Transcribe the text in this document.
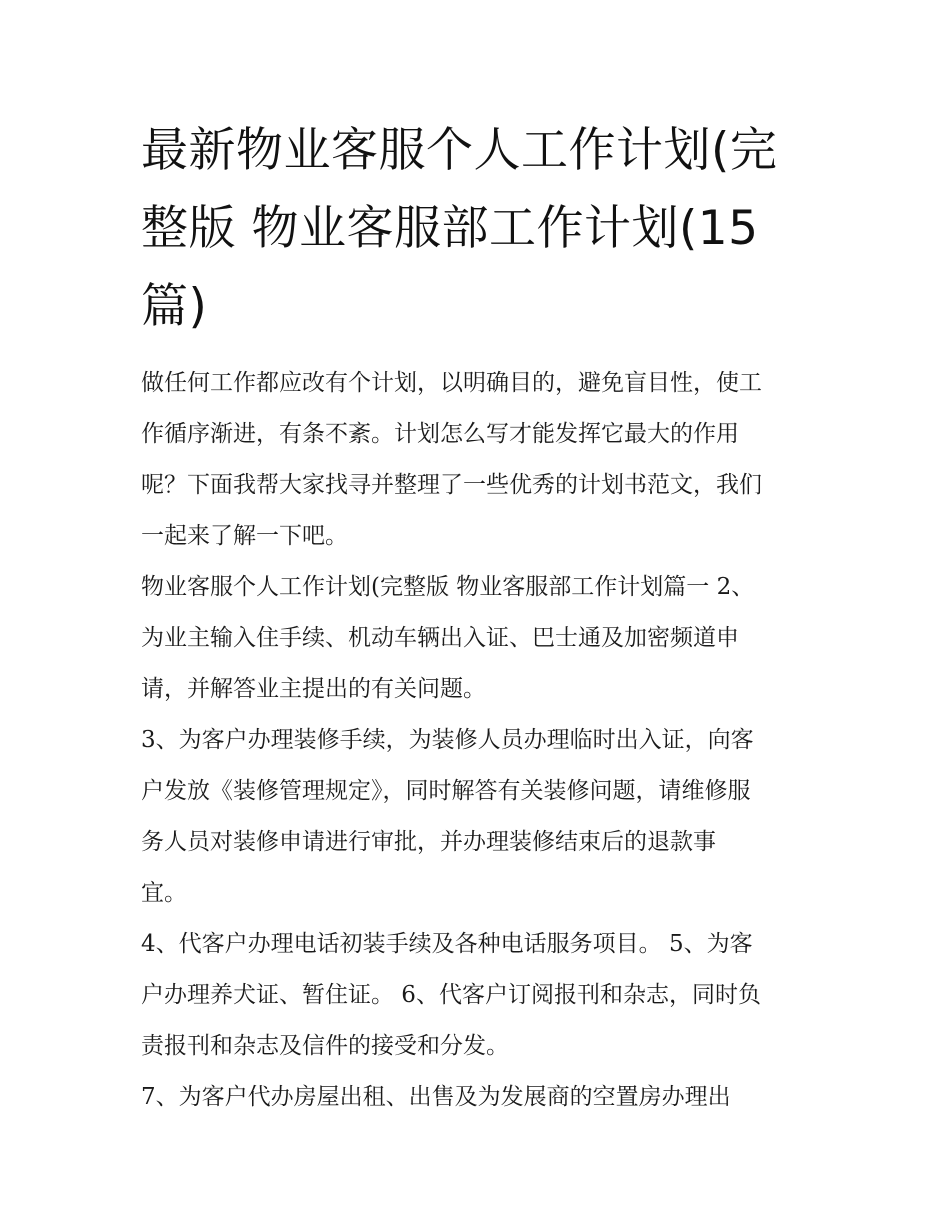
最新物业客服个人工作计划(完
整版 物业客服部工作计划(15
篇)

做任何工作都应改有个计划，以明确目的，避免盲目性，使工
作循序渐进，有条不紊。计划怎么写才能发挥它最大的作用
呢？下面我帮大家找寻并整理了一些优秀的计划书范文，我们
一起来了解一下吧。

物业客服个人工作计划(完整版 物业客服部工作计划篇一 2、
为业主输入住手续、机动车辆出入证、巴士通及加密频道申
请，并解答业主提出的有关问题。

3、为客户办理装修手续，为装修人员办理临时出入证，向客
户发放《装修管理规定》，同时解答有关装修问题，请维修服
务人员对装修申请进行审批，并办理装修结束后的退款事
宜。

4、代客户办理电话初装手续及各种电话服务项目。 5、为客
户办理养犬证、暂住证。 6、代客户订阅报刊和杂志，同时负
责报刊和杂志及信件的接受和分发。

7、为客户代办房屋出租、出售及为发展商的空置房办理出
